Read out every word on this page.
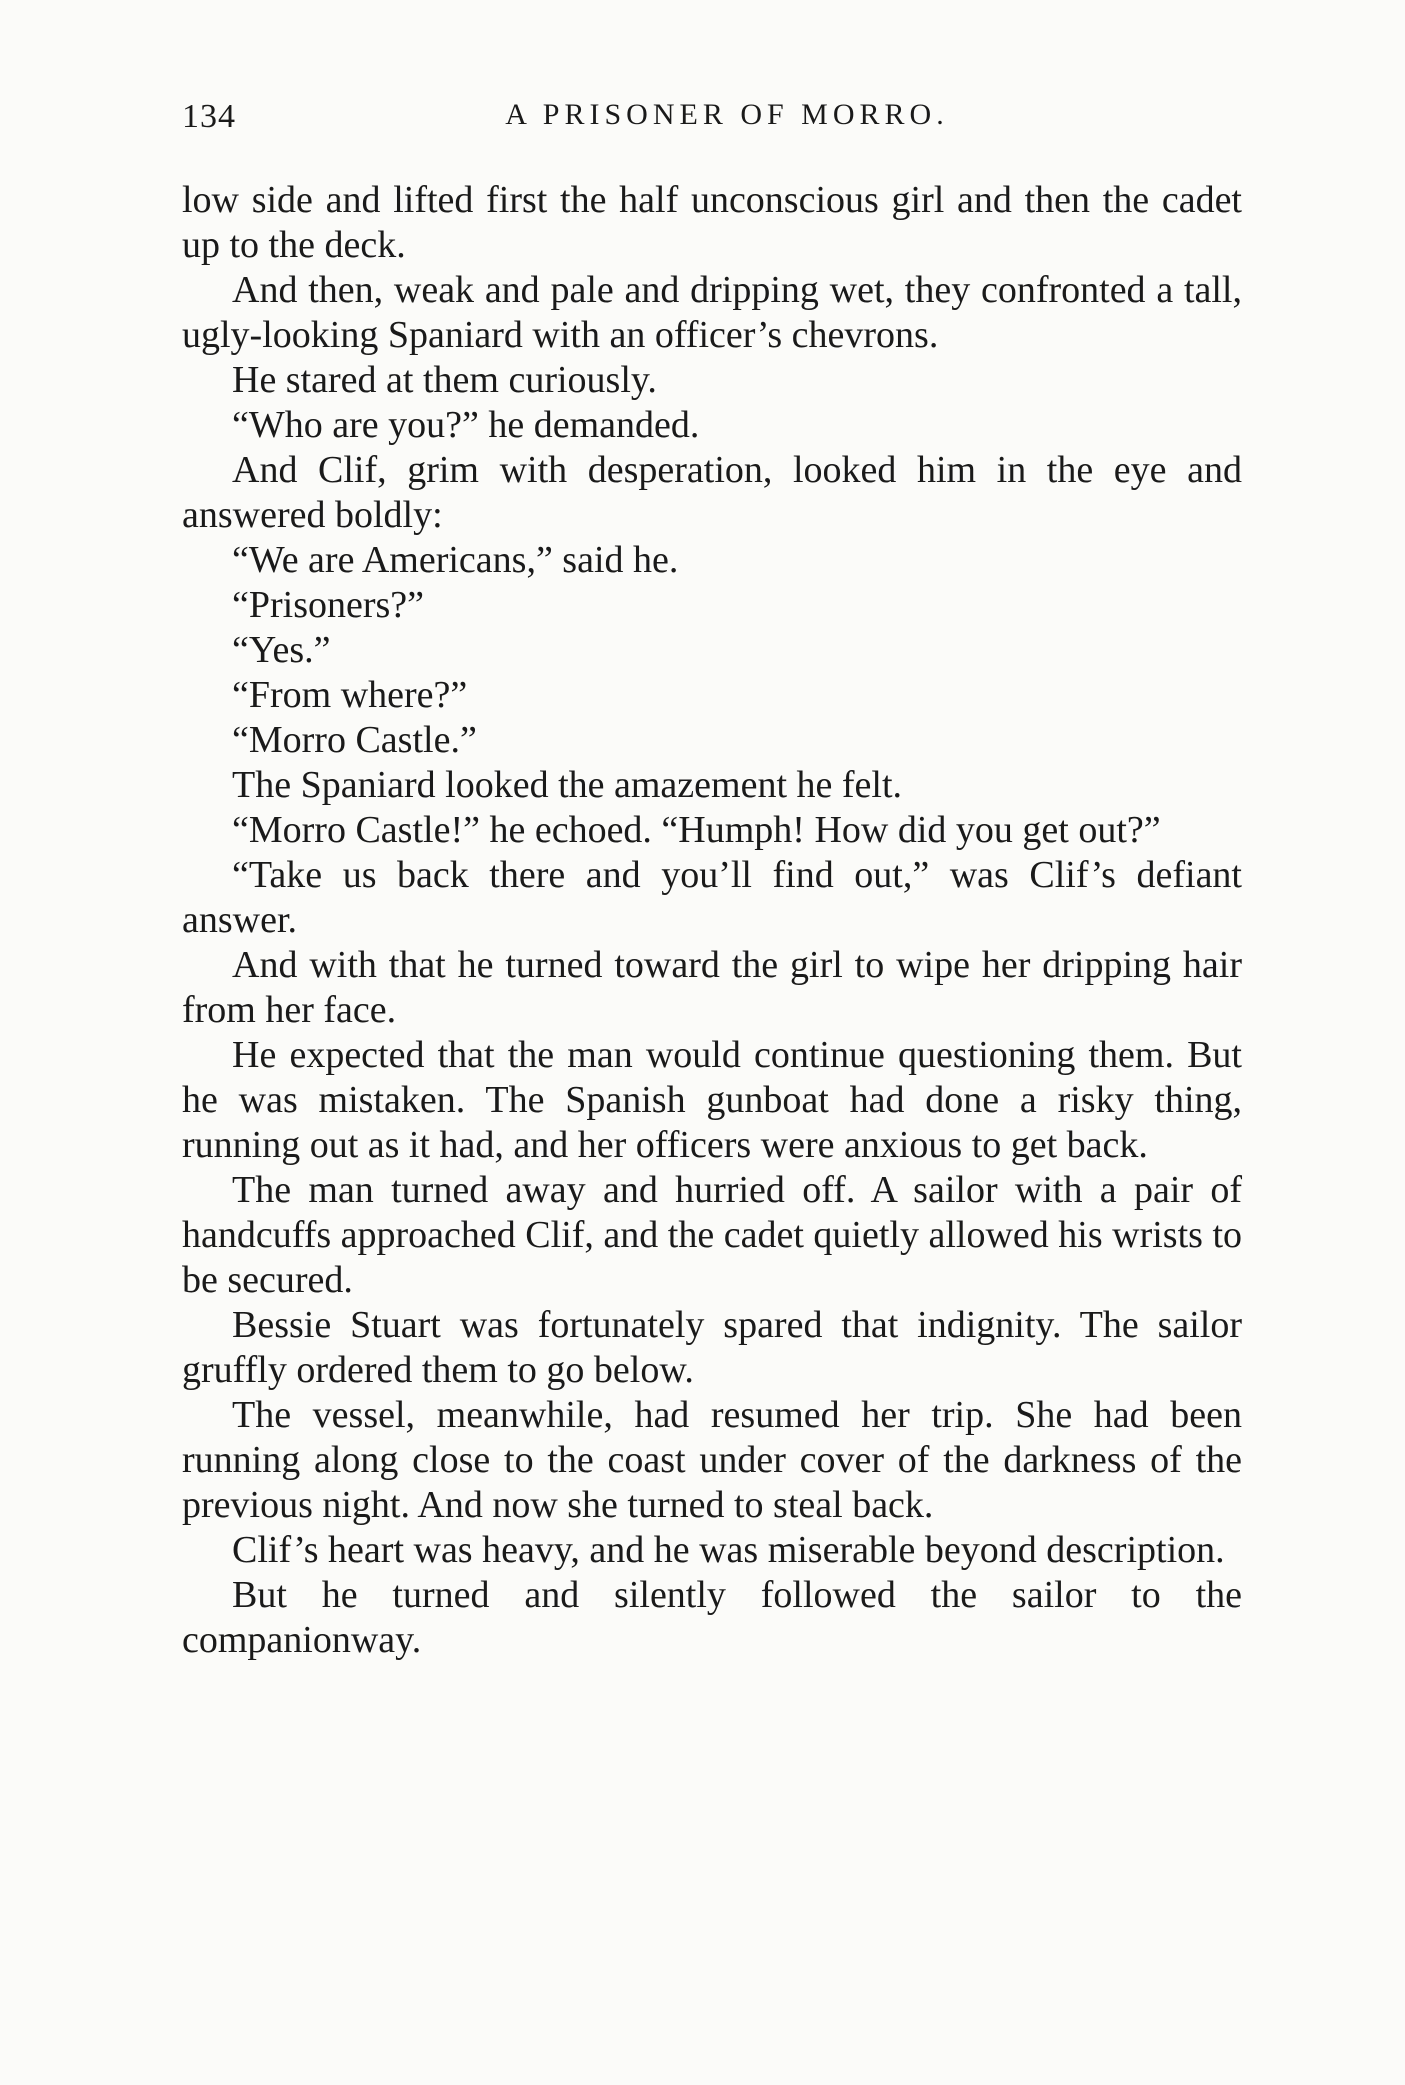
134	A PRISONER OF MORRO.

low side and lifted first the half unconscious girl and then the cadet up to the deck.

And then, weak and pale and dripping wet, they confronted a tall, ugly-looking Spaniard with an officer’s chevrons.

He stared at them curiously.

“Who are you?” he demanded.

And Clif, grim with desperation, looked him in the eye and answered boldly:

“We are Americans,” said he.

“Prisoners?”

“Yes.”

“From where?”

“Morro Castle.”

The Spaniard looked the amazement he felt.

“Morro Castle!” he echoed. “Humph! How did you get out?”

“Take us back there and you’ll find out,” was Clif’s defiant answer.

And with that he turned toward the girl to wipe her dripping hair from her face.

He expected that the man would continue questioning them. But he was mistaken. The Spanish gunboat had done a risky thing, running out as it had, and her officers were anxious to get back.

The man turned away and hurried off. A sailor with a pair of handcuffs approached Clif, and the cadet quietly allowed his wrists to be secured.

Bessie Stuart was fortunately spared that indignity. The sailor gruffly ordered them to go below.

The vessel, meanwhile, had resumed her trip. She had been running along close to the coast under cover of the darkness of the previous night. And now she turned to steal back.

Clif’s heart was heavy, and he was miserable beyond description.

But he turned and silently followed the sailor to the companionway.
